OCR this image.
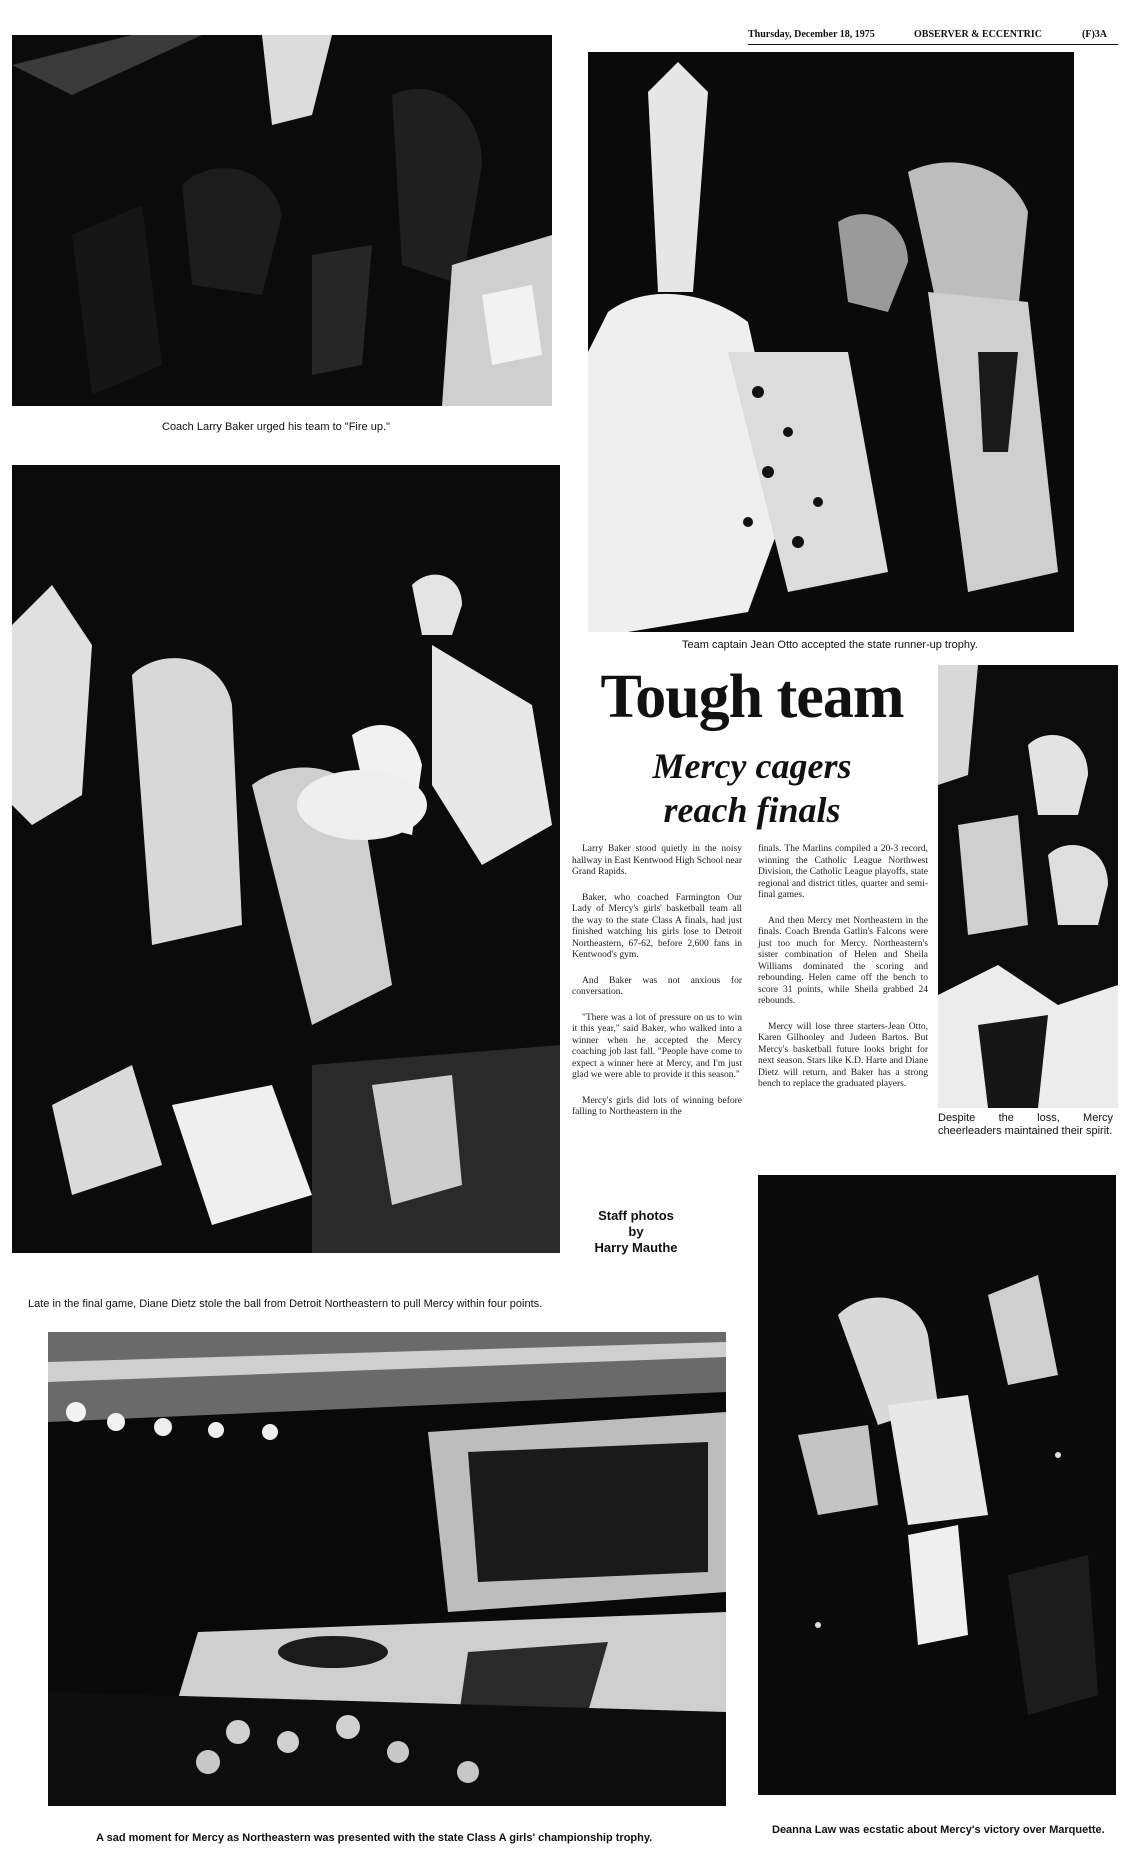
Thursday, December 18, 1975	OBSERVER & ECCENTRIC	(F)3A
Coach Larry Baker urged his team to "Fire up."
Team captain Jean Otto accepted the state runner-up trophy.
Late in the final game, Diane Dietz stole the ball from Detroit Northeastern to pull Mercy within four points.
Tough team
Mercy cagers
reach finals

Larry Baker stood quietly in the noisy hallway in East Kentwood High School near Grand Rapids.

Baker, who coached Farmington Our Lady of Mercy's girls' basketball team all the way to the state Class A finals, had just finished watching his girls lose to Detroit Northeastern, 67-62, before 2,600 fans in Kentwood's gym.

And Baker was not anxious for conversation.

"There was a lot of pressure on us to win it this year," said Baker, who walked into a winner when he accepted the Mercy coaching job last fall. "People have come to expect a winner here at Mercy, and I'm just glad we were able to provide it this season."

Mercy's girls did lots of winning before falling to Northeastern in the

finals. The Marlins compiled a 20-3 record, winning the Catholic League Northwest Division, the Catholic League playoffs, state regional and district titles, quarter and semi-final games.

And then Mercy met Northeastern in the finals. Coach Brenda Gatlin's Falcons were just too much for Mercy. Northeastern's sister combination of Helen and Sheila Williams dominated the scoring and rebounding. Helen came off the bench to score 31 points, while Sheila grabbed 24 rebounds.

Mercy will lose three starters-Jean Otto, Karen Gilhooley and Judeen Bartos. But Mercy's basketball future looks bright for next season. Stars like K.D. Harte and Diane Dietz will return, and Baker has a strong bench to replace the graduated players.

Despite the loss, Mercy cheerleaders maintained their spirit.
Staff photos
by
Harry Mauthe
A sad moment for Mercy as Northeastern was presented with the state Class A girls' championship trophy.
Deanna Law was ecstatic about Mercy's victory over Marquette.
